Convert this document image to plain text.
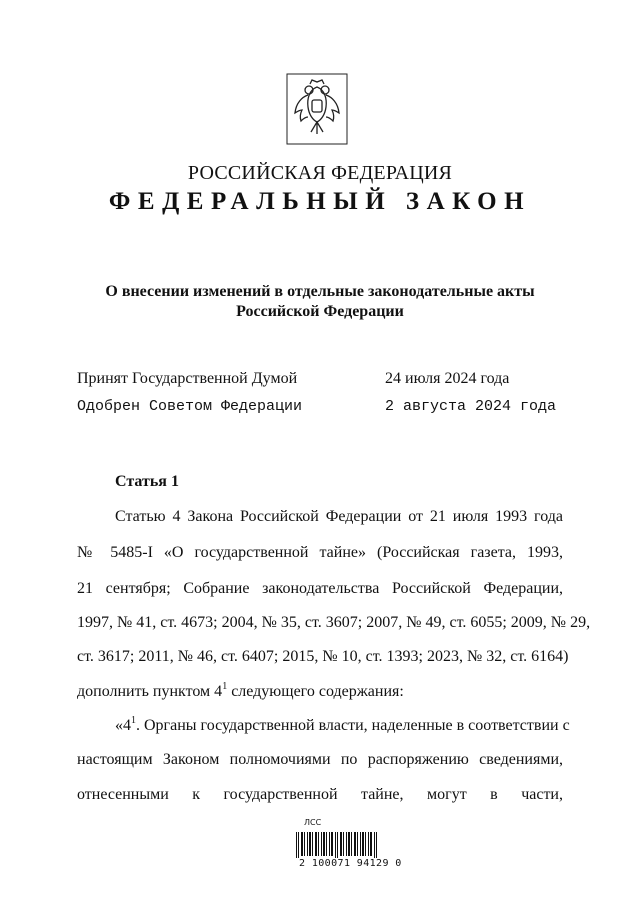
РОССИЙСКАЯ ФЕДЕРАЦИЯ
ФЕДЕРАЛЬНЫЙ ЗАКОН
О внесении изменений в отдельные законодательные акты
Российской Федерации
Принят Государственной Думой	24 июля 2024 года
Одобрен Советом Федерации	2 августа 2024 года
Статья 1
Статью 4 Закона Российской Федерации от 21 июля 1993 года
№ 5485-I «О государственной тайне» (Российская газета, 1993,
21 сентября; Собрание законодательства Российской Федерации,
1997, № 41, ст. 4673; 2004, № 35, ст. 3607; 2007, № 49, ст. 6055; 2009, № 29,
ст. 3617; 2011, № 46, ст. 6407; 2015, № 10, ст. 1393; 2023, № 32, ст. 6164)
дополнить пунктом $4^1$ следующего содержания:
«$4^1$. Органы государственной власти, наделенные в соответствии с
настоящим Законом полномочиями по распоряжению сведениями,
отнесенными к государственной тайне, могут в части,
ЛСС
2 100071 94129 0
